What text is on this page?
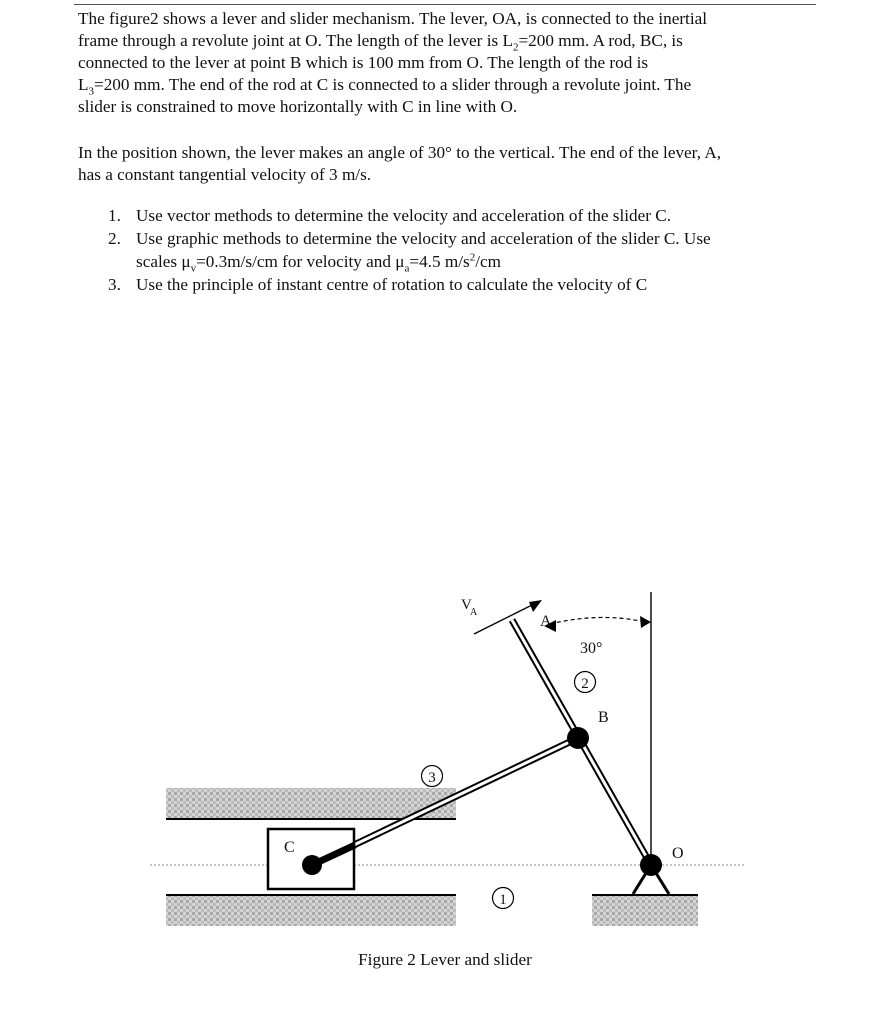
The figure2 shows a lever and slider mechanism. The lever, OA, is connected to the inertial
frame through a revolute joint at O. The length of the lever is $L_2=200$ mm. A rod, BC, is
connected to the lever at point B which is 100 mm from O. The length of the rod is
$L_3=200$ mm. The end of the rod at C is connected to a slider through a revolute joint. The
slider is constrained to move horizontally with C in line with O.
In the position shown, the lever makes an angle of 30° to the vertical. The end of the lever, A,
has a constant tangential velocity of 3 m/s.
1. Use vector methods to determine the velocity and acceleration of the slider C.
2. Use graphic methods to determine the velocity and acceleration of the slider C. Use
scales $\mu_v=0.3m/s/cm$ for velocity and $\mu_a=4.5$ $m/s^2/cm$
3. Use the principle of instant centre of rotation to calculate the velocity of C
V
A
A
30°
2
B
3
C
1
O
Figure 2 Lever and slider
